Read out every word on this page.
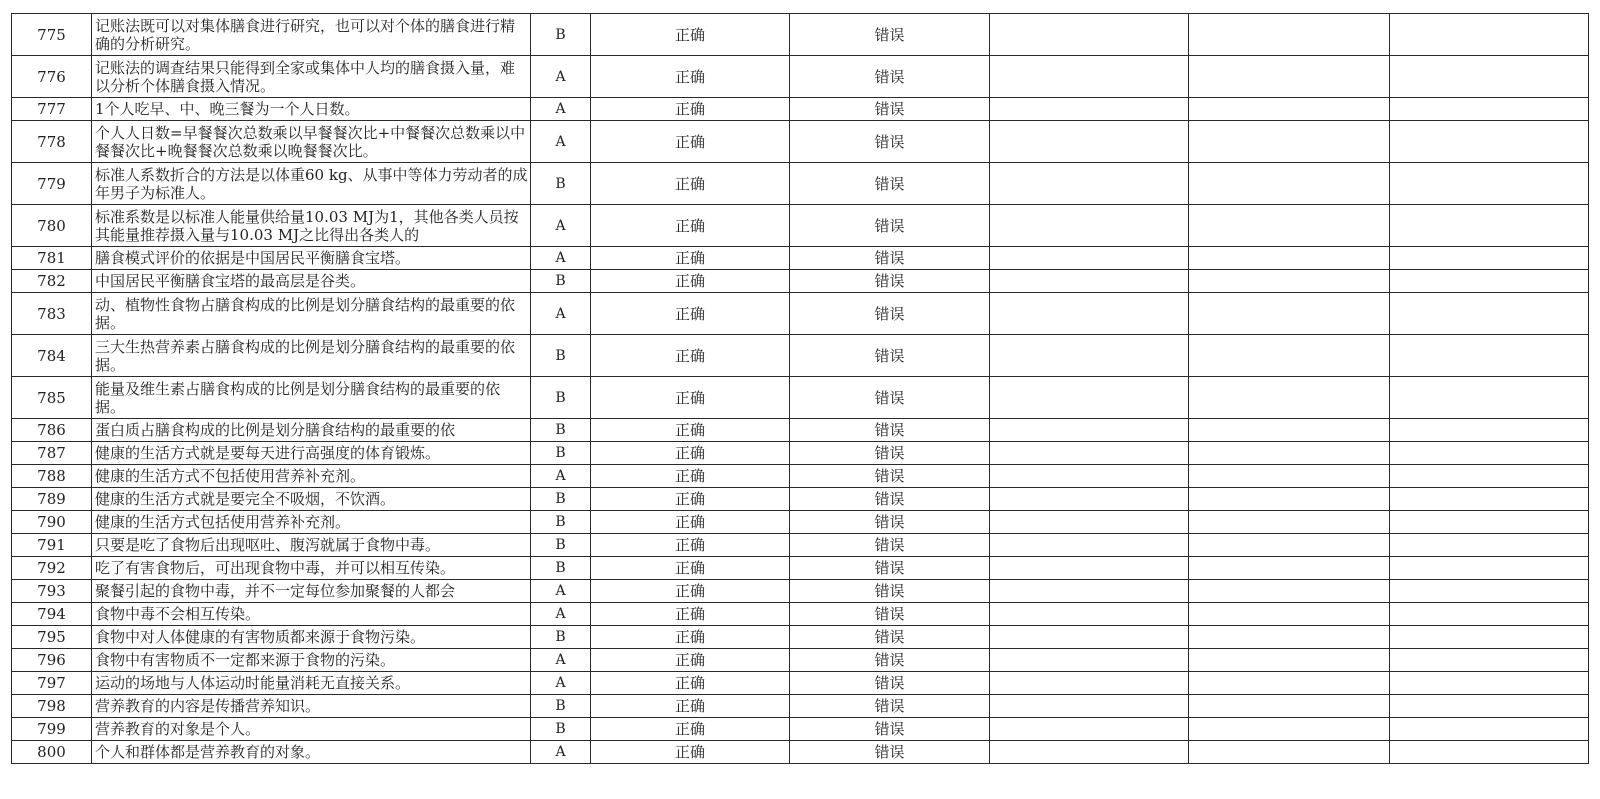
775	记账法既可以对集体膳食进行研究，也可以对个体的膳食进行精确的分析研究。	B	正确	错误			
776	记账法的调查结果只能得到全家或集体中人均的膳食摄入量，难以分析个体膳食摄入情况。	A	正确	错误			
777	1个人吃早、中、晚三餐为一个人日数。	A	正确	错误			
778	个人人日数=早餐餐次总数乘以早餐餐次比+中餐餐次总数乘以中餐餐次比+晚餐餐次总数乘以晚餐餐次比。	A	正确	错误			
779	标准人系数折合的方法是以体重60 kg、从事中等体力劳动者的成年男子为标准人。	B	正确	错误			
780	标准系数是以标准人能量供给量10.03 MJ为1，其他各类人员按其能量推荐摄入量与10.03 MJ之比得出各类人的	A	正确	错误			
781	膳食模式评价的依据是中国居民平衡膳食宝塔。	A	正确	错误			
782	中国居民平衡膳食宝塔的最高层是谷类。	B	正确	错误			
783	动、植物性食物占膳食构成的比例是划分膳食结构的最重要的依据。	A	正确	错误			
784	三大生热营养素占膳食构成的比例是划分膳食结构的最重要的依据。	B	正确	错误			
785	能量及维生素占膳食构成的比例是划分膳食结构的最重要的依据。	B	正确	错误			
786	蛋白质占膳食构成的比例是划分膳食结构的最重要的依	B	正确	错误			
787	健康的生活方式就是要每天进行高强度的体育锻炼。	B	正确	错误			
788	健康的生活方式不包括使用营养补充剂。	A	正确	错误			
789	健康的生活方式就是要完全不吸烟，不饮酒。	B	正确	错误			
790	健康的生活方式包括使用营养补充剂。	B	正确	错误			
791	只要是吃了食物后出现呕吐、腹泻就属于食物中毒。	B	正确	错误			
792	吃了有害食物后，可出现食物中毒，并可以相互传染。	B	正确	错误			
793	聚餐引起的食物中毒，并不一定每位参加聚餐的人都会	A	正确	错误			
794	食物中毒不会相互传染。	A	正确	错误			
795	食物中对人体健康的有害物质都来源于食物污染。	B	正确	错误			
796	食物中有害物质不一定都来源于食物的污染。	A	正确	错误			
797	运动的场地与人体运动时能量消耗无直接关系。	A	正确	错误			
798	营养教育的内容是传播营养知识。	B	正确	错误			
799	营养教育的对象是个人。	B	正确	错误			
800	个人和群体都是营养教育的对象。	A	正确	错误			
